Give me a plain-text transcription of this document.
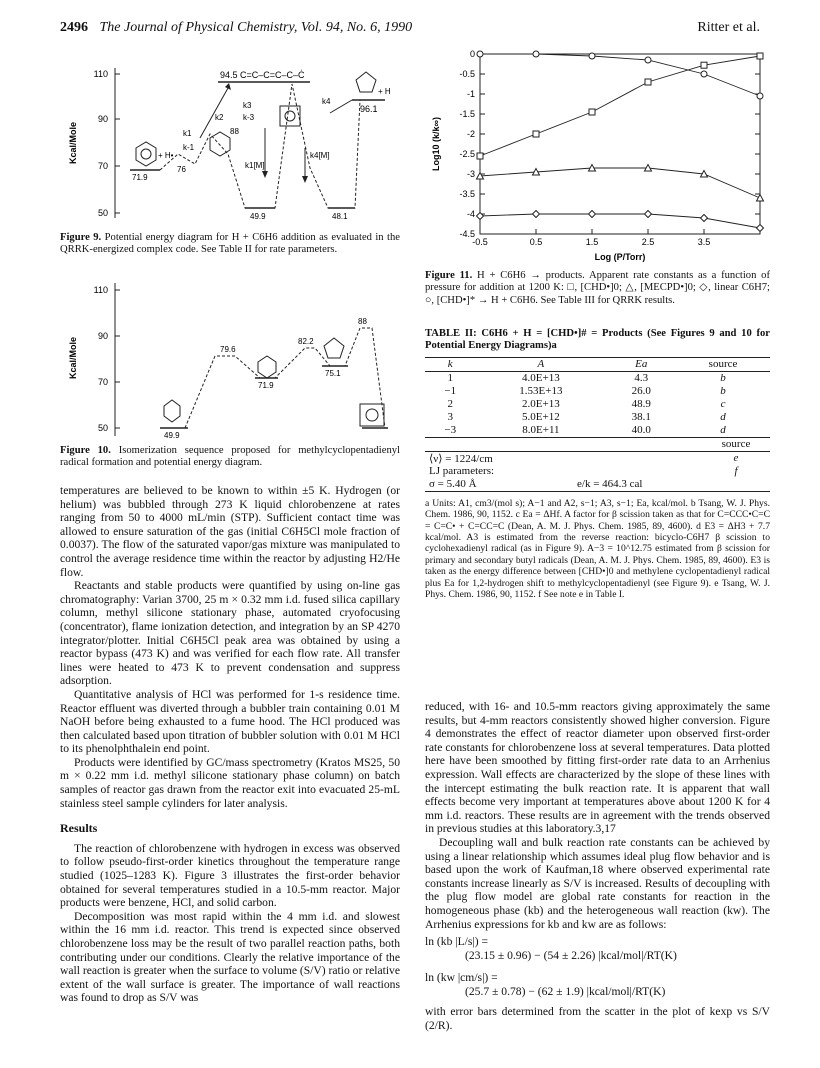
2496 The Journal of Physical Chemistry, Vol. 94, No. 6, 1990	Ritter et al.
110
90
70
50
Kcal/Mole
94.5 C=C–C=C–C–Ċ
+ H•
+ H
96.1
88
71.9
76
49.9	48.1
k1
k-1
k2
k3
k-3
k4
k1[M]
k4[M]
Figure 9. Potential energy diagram for H + C6H6 addition as evaluated in the QRRK-energized complex code. See Table II for rate parameters.
110
90
70
50
Kcal/Mole	79.6
82.2
88
71.9
75.1
49.9
Figure 10. Isomerization sequence proposed for methylcyclopentadienyl radical formation and potential energy diagram.

temperatures are believed to be known to within ±5 K. Hydrogen (or helium) was bubbled through 273 K liquid chlorobenzene at rates ranging from 50 to 4000 mL/min (STP). Sufficient contact time was allowed to ensure saturation of the gas (initial C6H5Cl mole fraction of 0.0037). The flow of the saturated vapor/gas mixture was manipulated to control the average residence time within the reactor by adjusting H2/He flow.

Reactants and stable products were quantified by using on-line gas chromatography: Varian 3700, 25 m × 0.32 mm i.d. fused silica capillary column, methyl silicone stationary phase, automated cryofocusing (concentrator), flame ionization detection, and integration by an SP 4270 integrator/plotter. Initial C6H5Cl peak area was obtained by using a reactor bypass (473 K) and was verified for each flow rate. All transfer lines were heated to 473 K to prevent condensation and suppress adsorption.

Quantitative analysis of HCl was performed for 1-s residence time. Reactor effluent was diverted through a bubbler train containing 0.01 M NaOH before being exhausted to a fume hood. The HCl produced was then calculated based upon titration of bubbler solution with 0.01 M HCl to its phenolphthalein end point.

Products were identified by GC/mass spectrometry (Kratos MS25, 50 m × 0.22 mm i.d. methyl silicone stationary phase column) on batch samples of reactor gas drawn from the reactor exit into evacuated 25-mL stainless steel sample cylinders for later analysis.

Results

The reaction of chlorobenzene with hydrogen in excess was observed to follow pseudo-first-order kinetics throughout the temperature range studied (1025–1283 K). Figure 3 illustrates the first-order behavior obtained for several temperatures studied in a 10.5-mm reactor. Major products were benzene, HCl, and solid carbon.

Decomposition was most rapid within the 4 mm i.d. and slowest within the 16 mm i.d. reactor. This trend is expected since observed chlorobenzene loss may be the result of two parallel reaction paths, both contributing under our conditions. Clearly the relative importance of the wall reaction is greater when the surface to volume (S/V) ratio or relative extent of the wall surface is greater. The importance of wall reactions was found to drop as S/V was

0
-0.5
-1
-1.5
-2
-2.5
-3
-3.5
-4
-4.5
-0.5	0.5	1.5	2.5	3.5
Log (P/Torr)
Log10 (k/k∞)
Figure 11. H + C6H6 → products. Apparent rate constants as a function of pressure for addition at 1200 K: □, [CHD•]0; △, [MECPD•]0; ◇, linear C6H7; ○, [CHD•]* → H + C6H6. See Table III for QRRK results.
TABLE II: C6H6 + H = [CHD•]# = Products (See Figures 9 and 10 for Potential Energy Diagrams)a
k	A	Ea	source
1	4.0E+13	4.3	b
−1	1.53E+13	26.0	b
2	2.0E+13	48.9	c
3	5.0E+12	38.1	d
−3	8.0E+11	40.0	d
		source
⟨ν⟩ = 1224/cm		e
LJ parameters:		f
σ = 5.40 Å	e/k = 464.3 cal	
a Units: A1, cm3/(mol s); A−1 and A2, s−1; A3, s−1; Ea, kcal/mol. b Tsang, W. J. Phys. Chem. 1986, 90, 1152. c Ea = ΔHf. A factor for β scission taken as that for C=CCC•C=C = C=C• + C=CC=C (Dean, A. M. J. Phys. Chem. 1985, 89, 4600). d E3 = ΔH3 + 7.7 kcal/mol. A3 is estimated from the reverse reaction: bicyclo-C6H7 β scission to cyclohexadienyl radical (as in Figure 9). A−3 = 10^12.75 estimated from β scission for primary and secondary butyl radicals (Dean, A. M. J. Phys. Chem. 1985, 89, 4600). E3 is taken as the energy difference between [CHD•]0 and methylene cyclopentadienyl radical plus Ea for 1,2-hydrogen shift to methylcyclopentadienyl (see Figure 9). e Tsang, W. J. Phys. Chem. 1986, 90, 1152. f See note e in Table I.

reduced, with 16- and 10.5-mm reactors giving approximately the same results, but 4-mm reactors consistently showed higher conversion. Figure 4 demonstrates the effect of reactor diameter upon observed first-order rate constants for chlorobenzene loss at several temperatures. Data plotted here have been smoothed by fitting first-order rate data to an Arrhenius expression. Wall effects are characterized by the slope of these lines with the intercept estimating the bulk reaction rate. It is apparent that wall effects become very important at temperatures above about 1200 K for 4 mm i.d. reactors. These results are in agreement with the trends observed in previous studies at this laboratory.3,17

Decoupling wall and bulk reaction rate constants can be achieved by using a linear relationship which assumes ideal plug flow behavior and is based upon the work of Kaufman,18 where observed experimental rate constants increase linearly as S/V is increased. Results of decoupling with the plug flow model are global rate constants for reaction in the homogeneous phase (kb) and the heterogeneous wall reaction (kw). The Arrhenius expressions for kb and kw are as follows:

ln (kb |L/s|) =
(23.15 ± 0.96) − (54 ± 2.26) |kcal/mol|/RT(K)
ln (kw |cm/s|) =
(25.7 ± 0.78) − (62 ± 1.9) |kcal/mol|/RT(K)

with error bars determined from the scatter in the plot of kexp vs S/V (2/R).
